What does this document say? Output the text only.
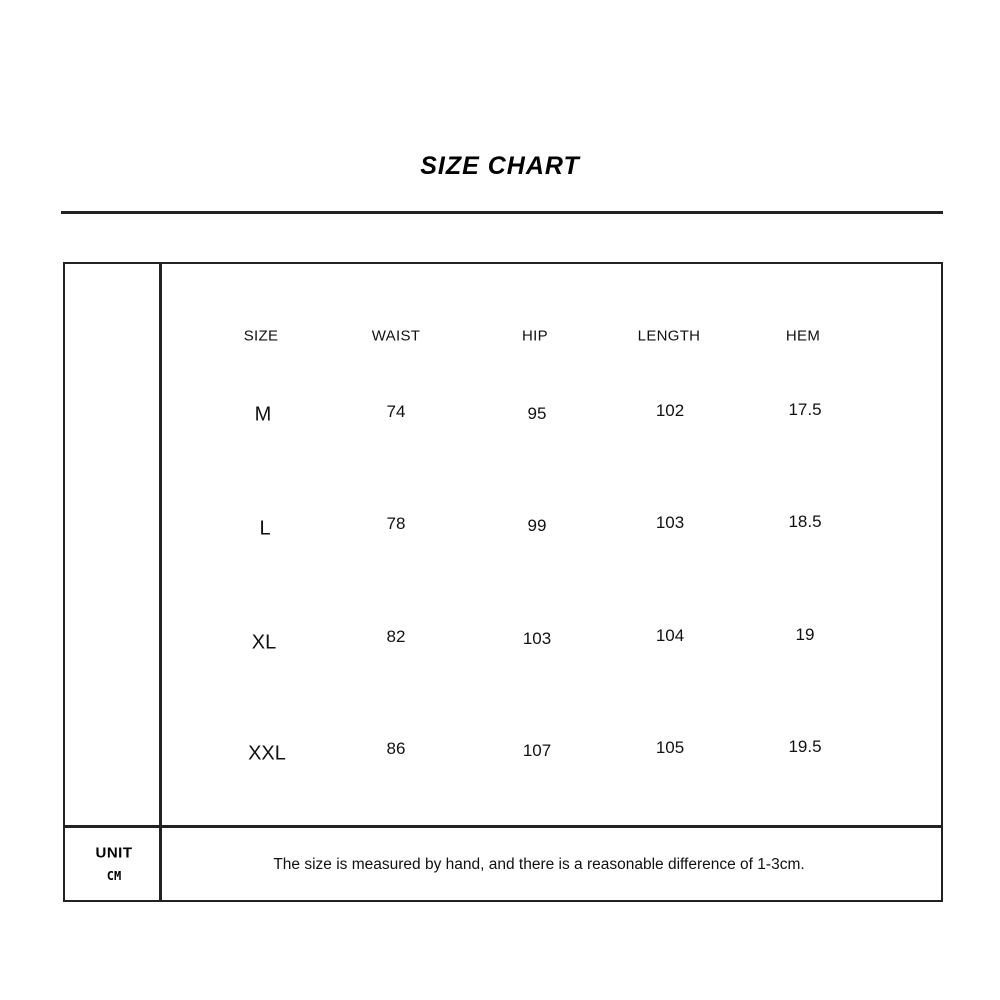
SIZE CHART
SIZE	WAIST	HIP	LENGTH	HEM
M	74	95	102	17.5
L	78	99	103	18.5
XL	82	103	104	19
XXL	86	107	105	19.5
UNIT
CM
The size is measured by hand, and there is a reasonable difference of 1-3cm.
